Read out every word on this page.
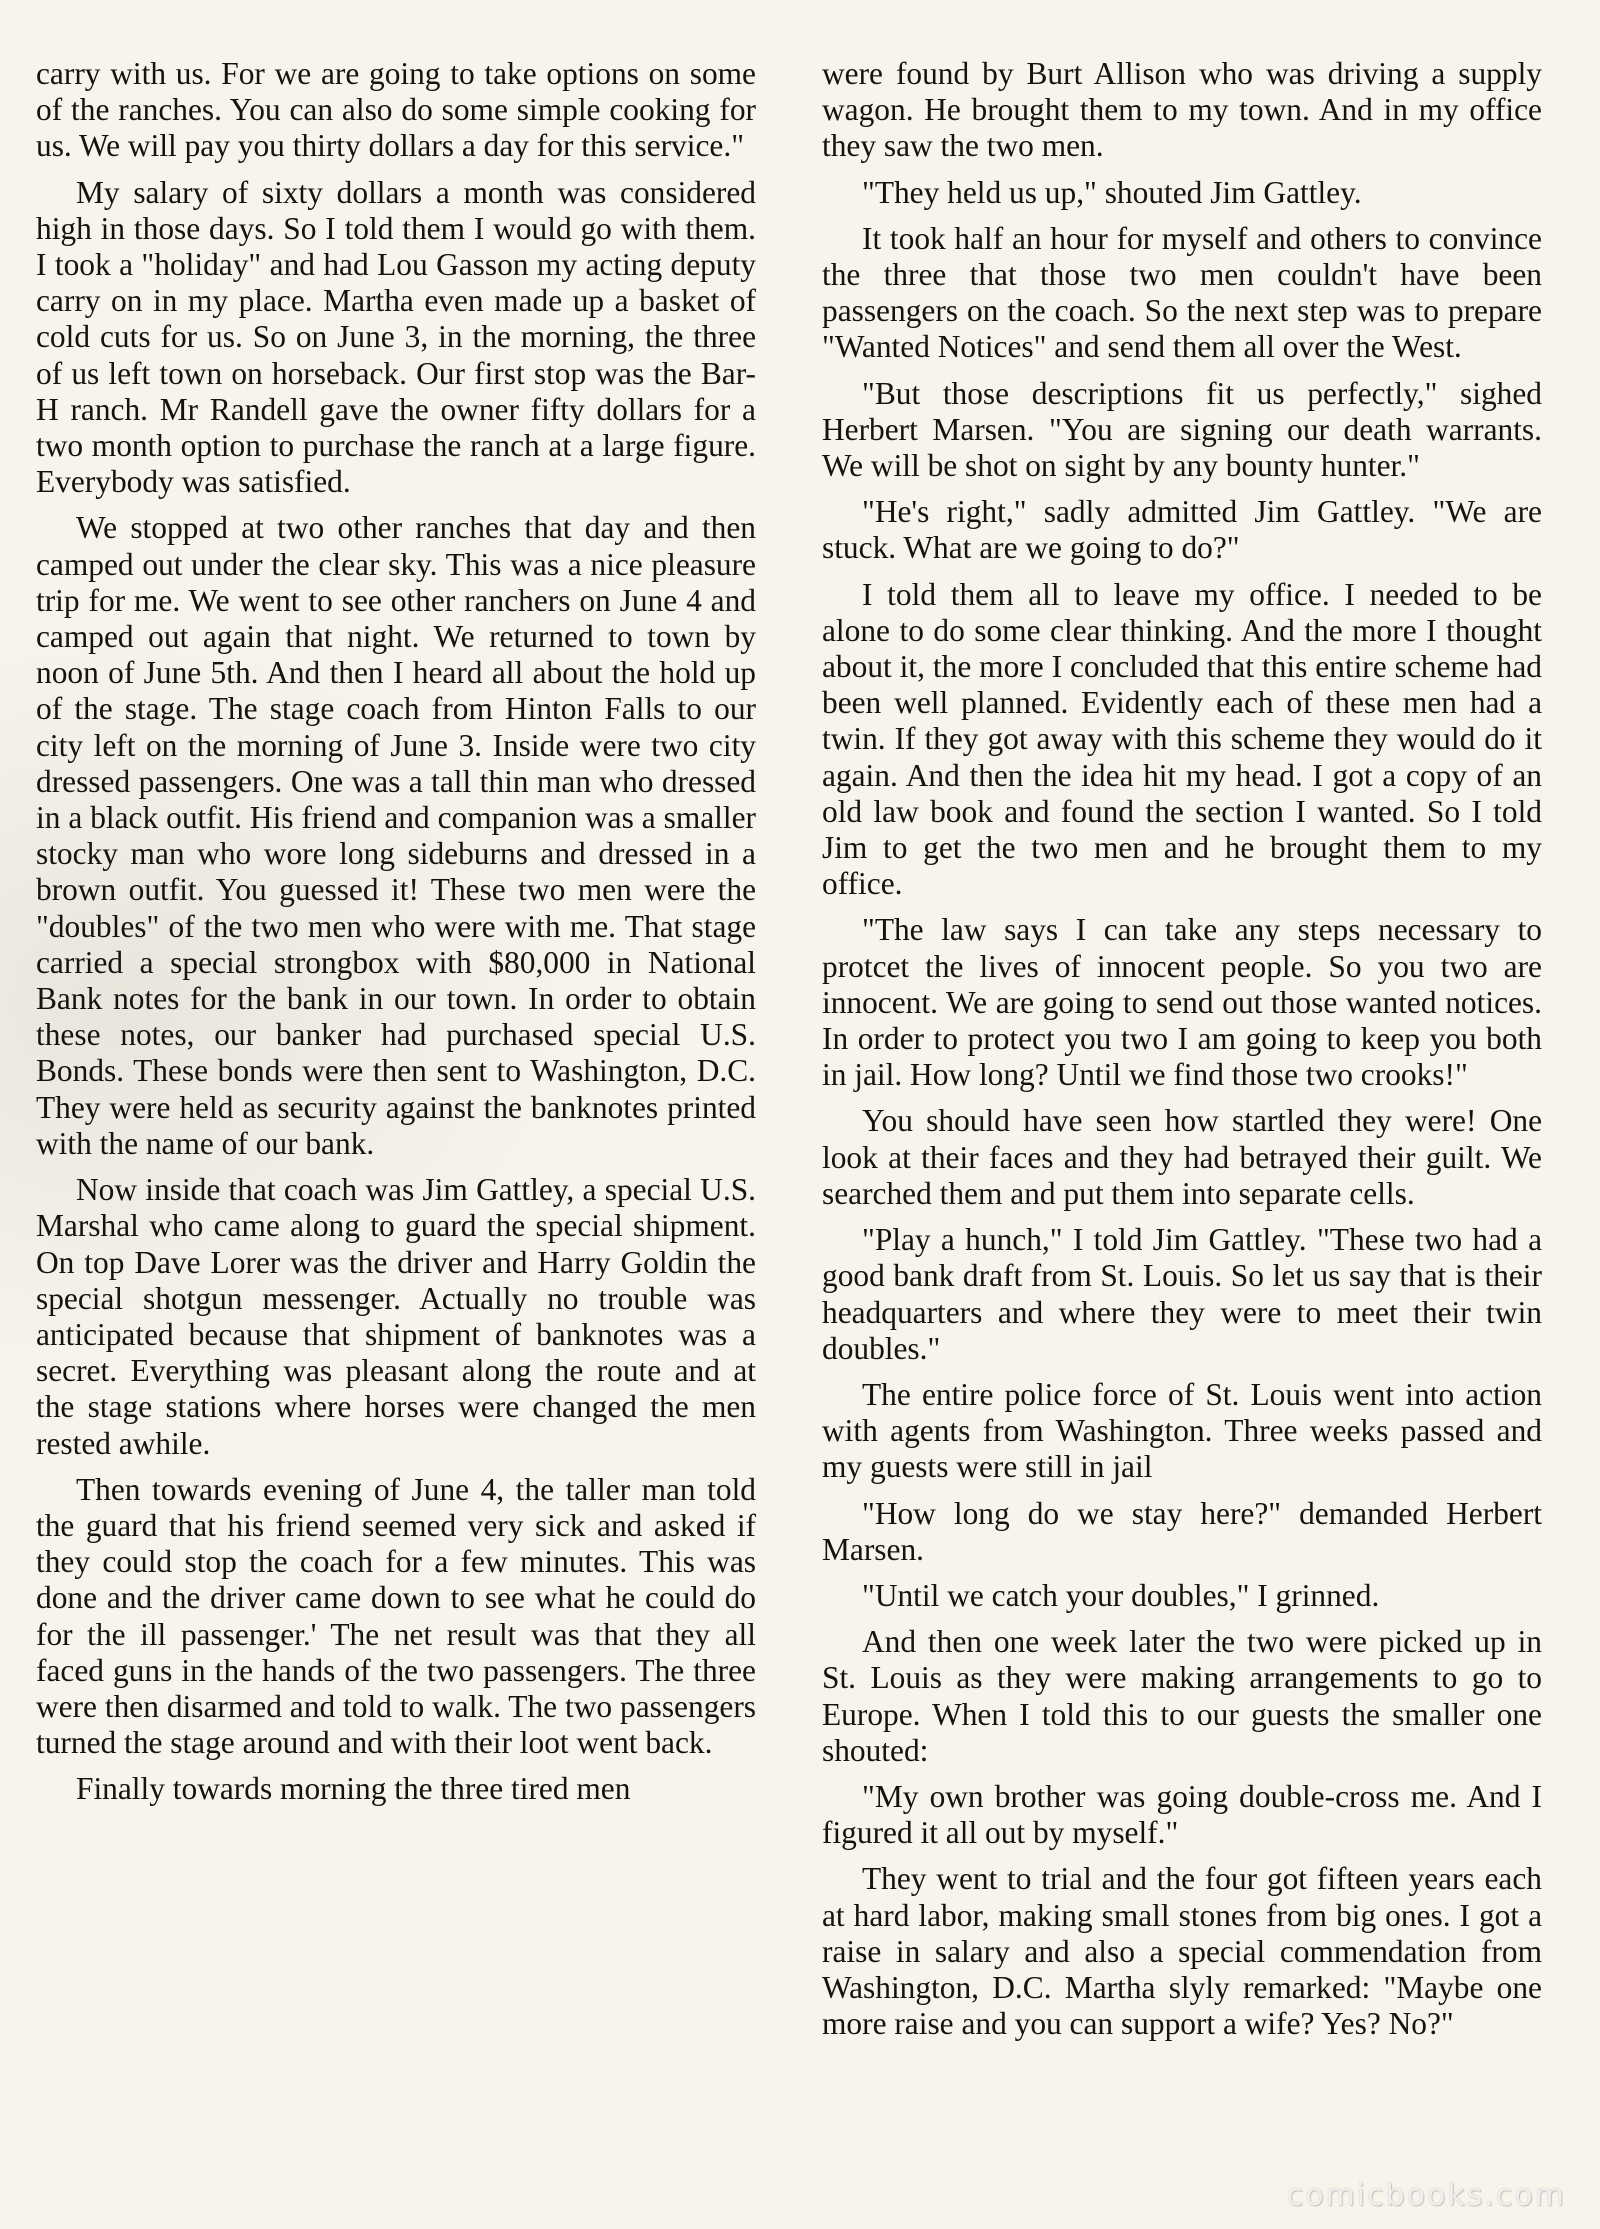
carry with us. For we are going to take options on some of the ranches. You can also do some simple cooking for us. We will pay you thirty dollars a day for this service."

My salary of sixty dollars a month was considered high in those days. So I told them I would go with them. I took a "holiday" and had Lou Gasson my acting deputy carry on in my place. Martha even made up a basket of cold cuts for us. So on June 3, in the morning, the three of us left town on horseback. Our first stop was the Bar-H ranch. Mr Randell gave the owner fifty dollars for a two month option to purchase the ranch at a large figure. Everybody was satisfied.

We stopped at two other ranches that day and then camped out under the clear sky. This was a nice pleasure trip for me. We went to see other ranchers on June 4 and camped out again that night. We returned to town by noon of June 5th. And then I heard all about the hold up of the stage. The stage coach from Hinton Falls to our city left on the morning of June 3. Inside were two city dressed passengers. One was a tall thin man who dressed in a black outfit. His friend and companion was a smaller stocky man who wore long sideburns and dressed in a brown outfit. You guessed it! These two men were the "doubles" of the two men who were with me. That stage carried a special strongbox with $80,000 in National Bank notes for the bank in our town. In order to obtain these notes, our banker had purchased special U.S. Bonds. These bonds were then sent to Washington, D.C. They were held as security against the banknotes printed with the name of our bank.

Now inside that coach was Jim Gattley, a special U.S. Marshal who came along to guard the special shipment. On top Dave Lorer was the driver and Harry Goldin the special shotgun messenger. Actually no trouble was anticipated because that shipment of banknotes was a secret. Everything was pleasant along the route and at the stage stations where horses were changed the men rested awhile.

Then towards evening of June 4, the taller man told the guard that his friend seemed very sick and asked if they could stop the coach for a few minutes. This was done and the driver came down to see what he could do for the ill passenger.' The net result was that they all faced guns in the hands of the two passengers. The three were then disarmed and told to walk. The two passengers turned the stage around and with their loot went back.

Finally towards morning the three tired men

were found by Burt Allison who was driving a supply wagon. He brought them to my town. And in my office they saw the two men.

"They held us up," shouted Jim Gattley.

It took half an hour for myself and others to convince the three that those two men couldn't have been passengers on the coach. So the next step was to prepare "Wanted Notices" and send them all over the West.

"But those descriptions fit us perfectly," sighed Herbert Marsen. "You are signing our death warrants. We will be shot on sight by any bounty hunter."

"He's right," sadly admitted Jim Gattley. "We are stuck. What are we going to do?"

I told them all to leave my office. I needed to be alone to do some clear thinking. And the more I thought about it, the more I concluded that this entire scheme had been well planned. Evidently each of these men had a twin. If they got away with this scheme they would do it again. And then the idea hit my head. I got a copy of an old law book and found the section I wanted. So I told Jim to get the two men and he brought them to my office.

"The law says I can take any steps necessary to protcet the lives of innocent people. So you two are innocent. We are going to send out those wanted notices. In order to protect you two I am going to keep you both in jail. How long? Until we find those two crooks!"

You should have seen how startled they were! One look at their faces and they had betrayed their guilt. We searched them and put them into separate cells.

"Play a hunch," I told Jim Gattley. "These two had a good bank draft from St. Louis. So let us say that is their headquarters and where they were to meet their twin doubles."

The entire police force of St. Louis went into action with agents from Washington. Three weeks passed and my guests were still in jail

"How long do we stay here?" demanded Herbert Marsen.

"Until we catch your doubles," I grinned.

And then one week later the two were picked up in St. Louis as they were making arrangements to go to Europe. When I told this to our guests the smaller one shouted:

"My own brother was going double-cross me. And I figured it all out by myself."

They went to trial and the four got fifteen years each at hard labor, making small stones from big ones. I got a raise in salary and also a special commendation from Washington, D.C. Martha slyly remarked: "Maybe one more raise and you can support a wife? Yes? No?"

comicbooks.com
